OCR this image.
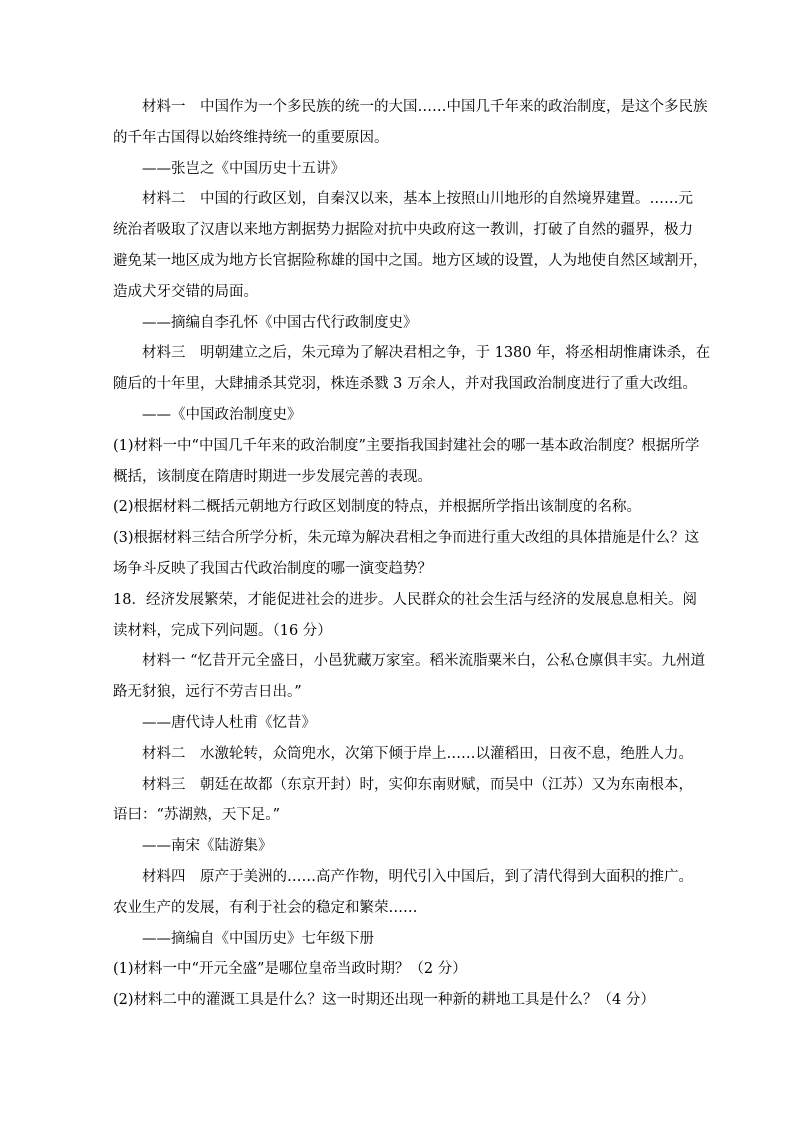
材料一　中国作为一个多民族的统一的大国……中国几千年来的政治制度，是这个多民族
的千年古国得以始终维持统一的重要原因。
——张岂之《中国历史十五讲》
材料二　中国的行政区划，自秦汉以来，基本上按照山川地形的自然境界建置。……元
统治者吸取了汉唐以来地方割据势力据险对抗中央政府这一教训，打破了自然的疆界，极力
避免某一地区成为地方长官据险称雄的国中之国。地方区域的设置，人为地使自然区域割开，
造成犬牙交错的局面。
——摘编自李孔怀《中国古代行政制度史》
材料三　明朝建立之后，朱元璋为了解决君相之争，于 1380 年，将丞相胡惟庸诛杀，在
随后的十年里，大肆捕杀其党羽，株连杀戮 3 万余人，并对我国政治制度进行了重大改组。
——《中国政治制度史》
(1)材料一中“中国几千年来的政治制度”主要指我国封建社会的哪一基本政治制度？根据所学
概括，该制度在隋唐时期进一步发展完善的表现。
(2)根据材料二概括元朝地方行政区划制度的特点，并根据所学指出该制度的名称。
(3)根据材料三结合所学分析，朱元璋为解决君相之争而进行重大改组的具体措施是什么？这
场争斗反映了我国古代政治制度的哪一演变趋势？
18．经济发展繁荣，才能促进社会的进步。人民群众的社会生活与经济的发展息息相关。阅
读材料，完成下列问题。（16 分）
材料一 “忆昔开元全盛日，小邑犹藏万家室。稻米流脂粟米白，公私仓廪俱丰实。九州道
路无豺狼，远行不劳吉日出。”
——唐代诗人杜甫《忆昔》
材料二　水激轮转，众筒兜水，次第下倾于岸上……以灌稻田，日夜不息，绝胜人力。
材料三　朝廷在故都（东京开封）时，实仰东南财赋，而吴中（江苏）又为东南根本，
语曰：“苏湖熟，天下足。”
——南宋《陆游集》
材料四　原产于美洲的……高产作物，明代引入中国后，到了清代得到大面积的推广。
农业生产的发展，有利于社会的稳定和繁荣……
——摘编自《中国历史》七年级下册
(1)材料一中“开元全盛”是哪位皇帝当政时期？（2 分）
(2)材料二中的灌溉工具是什么？这一时期还出现一种新的耕地工具是什么？（4 分）
